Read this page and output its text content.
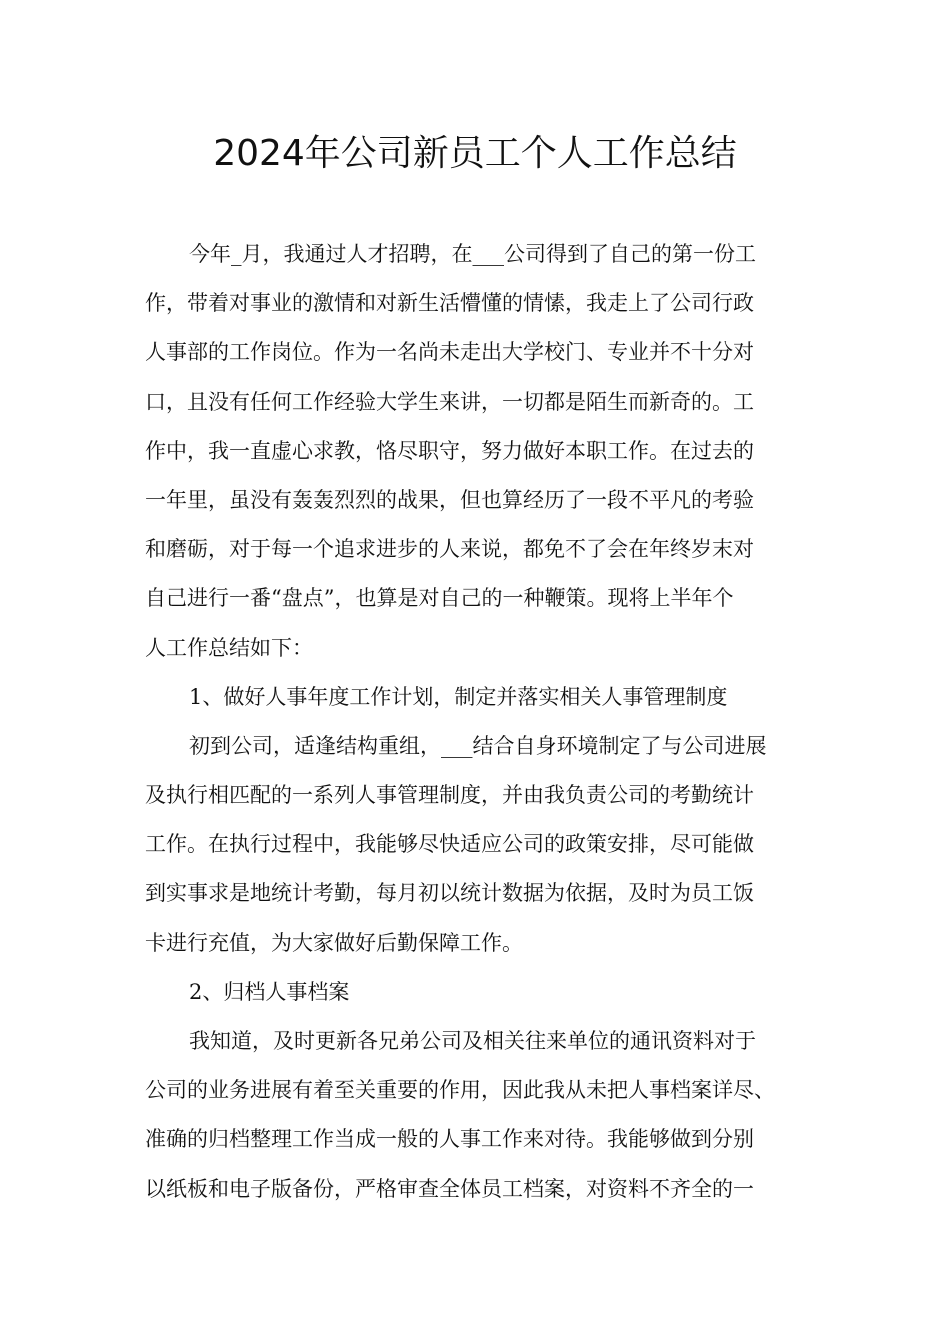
2024年公司新员工个人工作总结
今年_月，我通过人才招聘，在___公司得到了自己的第一份工
作，带着对事业的激情和对新生活懵懂的情愫，我走上了公司行政
人事部的工作岗位。作为一名尚未走出大学校门、专业并不十分对
口，且没有任何工作经验大学生来讲，一切都是陌生而新奇的。工
作中，我一直虚心求教，恪尽职守，努力做好本职工作。在过去的
一年里，虽没有轰轰烈烈的战果，但也算经历了一段不平凡的考验
和磨砺，对于每一个追求进步的人来说，都免不了会在年终岁末对
自己进行一番“盘点”，也算是对自己的一种鞭策。现将上半年个
人工作总结如下：
1、做好人事年度工作计划，制定并落实相关人事管理制度
初到公司，适逢结构重组，___结合自身环境制定了与公司进展
及执行相匹配的一系列人事管理制度，并由我负责公司的考勤统计
工作。在执行过程中，我能够尽快适应公司的政策安排，尽可能做
到实事求是地统计考勤，每月初以统计数据为依据，及时为员工饭
卡进行充值，为大家做好后勤保障工作。
2、归档人事档案
我知道，及时更新各兄弟公司及相关往来单位的通讯资料对于
公司的业务进展有着至关重要的作用，因此我从未把人事档案详尽、
准确的归档整理工作当成一般的人事工作来对待。我能够做到分别
以纸板和电子版备份，严格审查全体员工档案，对资料不齐全的一
